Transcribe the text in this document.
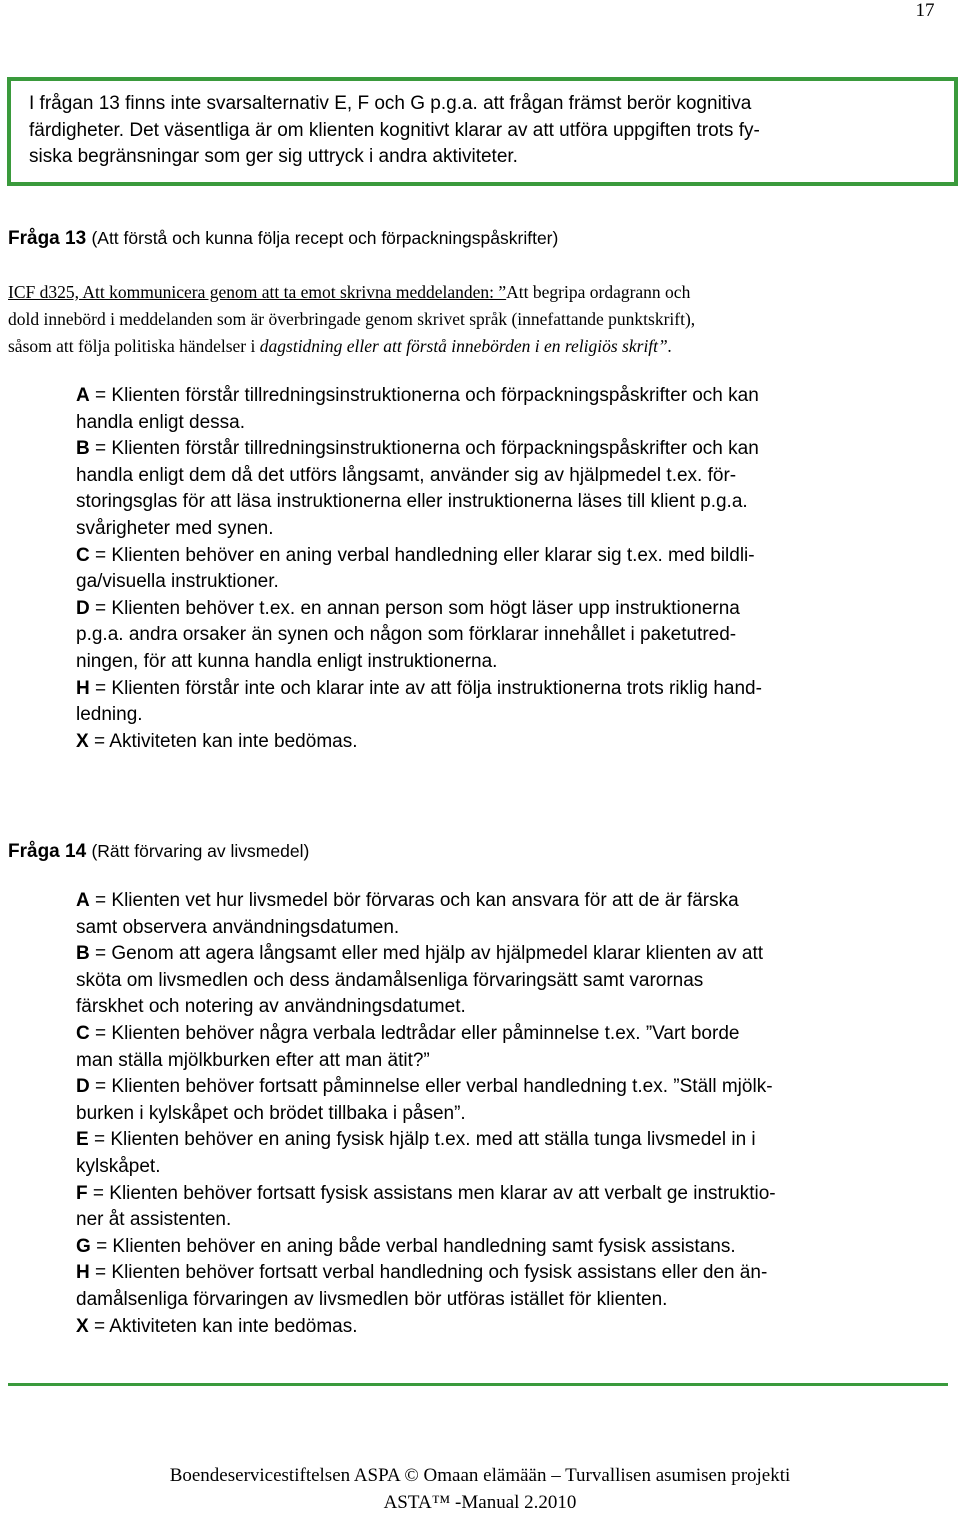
17
I frågan 13 finns inte svarsalternativ E, F och G p.g.a. att frågan främst berör kognitiva
färdigheter. Det väsentliga är om klienten kognitivt klarar av att utföra uppgiften trots fy-
siska begränsningar som ger sig uttryck i andra aktiviteter.
Fråga 13 (Att förstå och kunna följa recept och förpackningspåskrifter)
ICF d325, Att kommunicera genom att ta emot skrivna meddelanden: ”Att begripa ordagrann och
dold innebörd i meddelanden som är överbringade genom skrivet språk (innefattande punktskrift),
såsom att följa politiska händelser i dagstidning eller att förstå innebörden i en religiös skrift”.
A = Klienten förstår tillredningsinstruktionerna och förpackningspåskrifter och kan
handla enligt dessa.
B = Klienten förstår tillredningsinstruktionerna och förpackningspåskrifter och kan
handla enligt dem då det utförs långsamt, använder sig av hjälpmedel t.ex. för-
storingsglas för att läsa instruktionerna eller instruktionerna läses till klient p.g.a.
svårigheter med synen.
C = Klienten behöver en aning verbal handledning eller klarar sig t.ex. med bildli-
ga/visuella instruktioner.
D = Klienten behöver t.ex. en annan person som högt läser upp instruktionerna
p.g.a. andra orsaker än synen och någon som förklarar innehållet i paketutred-
ningen, för att kunna handla enligt instruktionerna.
H = Klienten förstår inte och klarar inte av att följa instruktionerna trots riklig hand-
ledning.
X = Aktiviteten kan inte bedömas.
Fråga 14 (Rätt förvaring av livsmedel)
A = Klienten vet hur livsmedel bör förvaras och kan ansvara för att de är färska
samt observera användningsdatumen.
B = Genom att agera långsamt eller med hjälp av hjälpmedel klarar klienten av att
sköta om livsmedlen och dess ändamålsenliga förvaringsätt samt varornas
färskhet och notering av användningsdatumet.
C = Klienten behöver några verbala ledtrådar eller påminnelse t.ex. ”Vart borde
man ställa mjölkburken efter att man ätit?”
D = Klienten behöver fortsatt påminnelse eller verbal handledning t.ex. ”Ställ mjölk-
burken i kylskåpet och brödet tillbaka i påsen”.
E = Klienten behöver en aning fysisk hjälp t.ex. med att ställa tunga livsmedel in i
kylskåpet.
F = Klienten behöver fortsatt fysisk assistans men klarar av att verbalt ge instruktio-
ner åt assistenten.
G = Klienten behöver en aning både verbal handledning samt fysisk assistans.
H = Klienten behöver fortsatt verbal handledning och fysisk assistans eller den än-
damålsenliga förvaringen av livsmedlen bör utföras istället för klienten.
X = Aktiviteten kan inte bedömas.
Boendeservicestiftelsen ASPA © Omaan elämään – Turvallisen asumisen projekti
ASTA™ -Manual 2.2010
